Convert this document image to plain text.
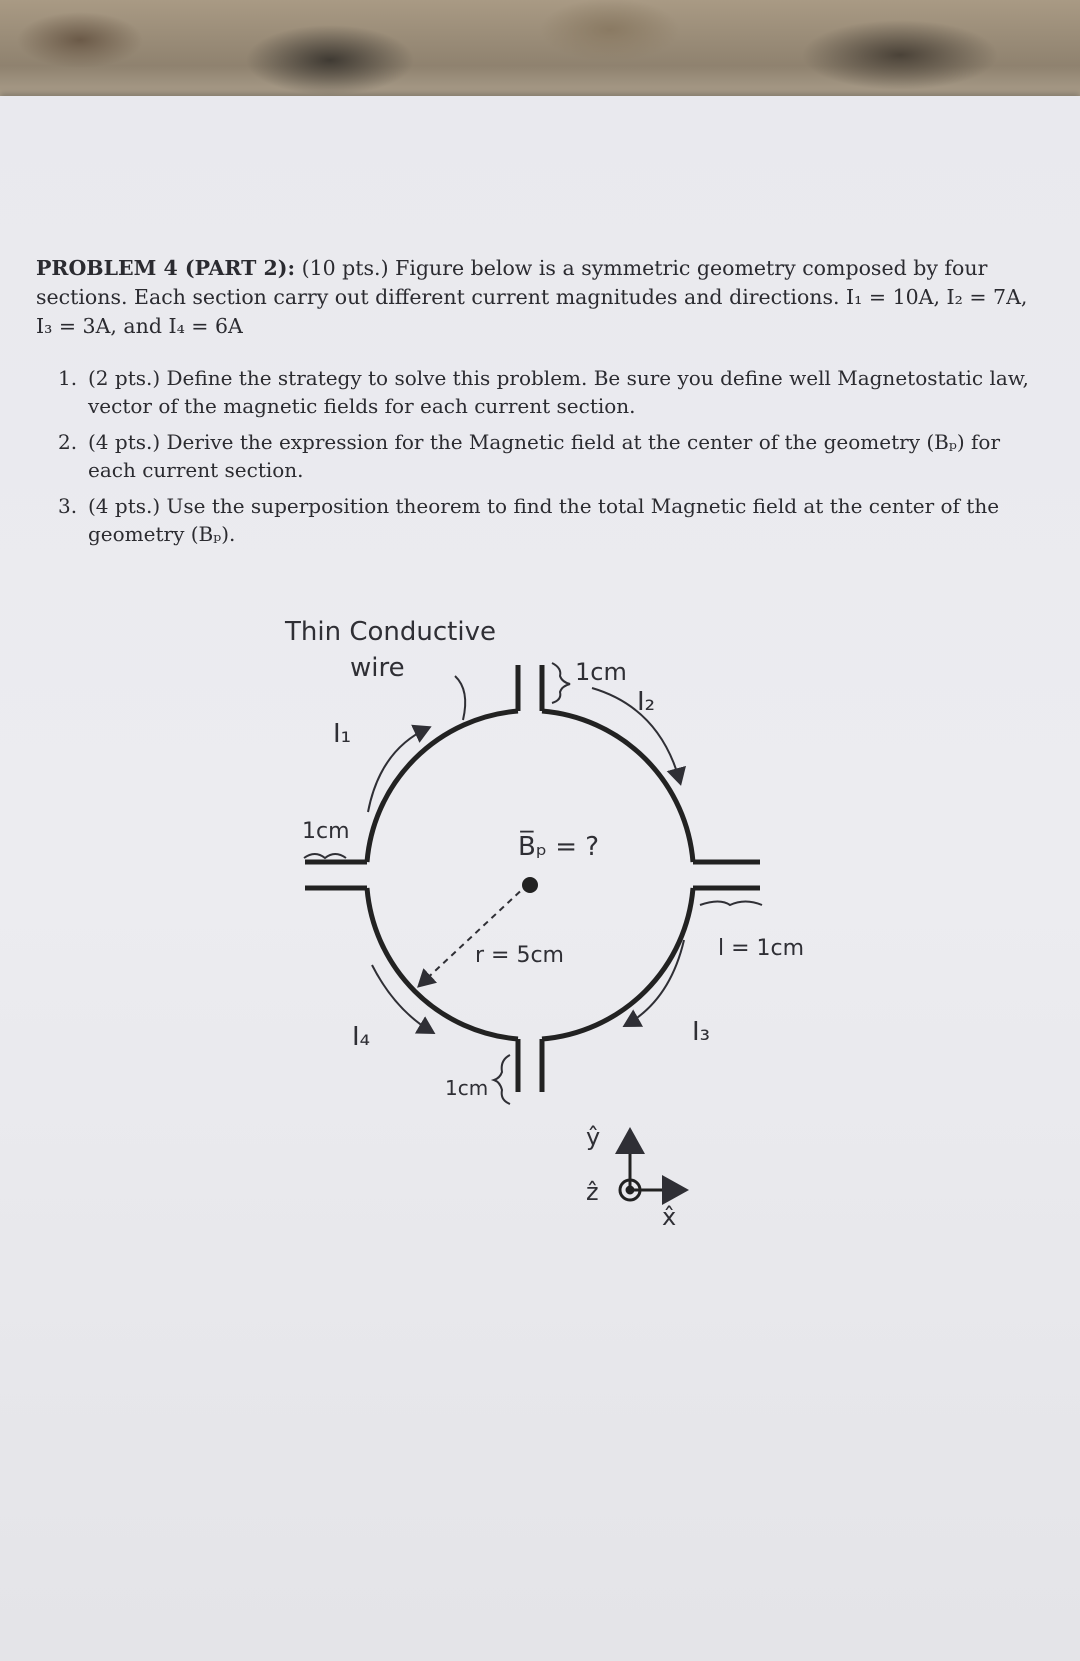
PROBLEM 4 (PART 2): (10 pts.) Figure below is a symmetric geometry composed by four sections. Each section carry out different current magnitudes and directions. I₁ = 10A, I₂ = 7A, I₃ = 3A, and I₄ = 6A
1. (2 pts.) Define the strategy to solve this problem. Be sure you define well Magnetostatic law, vector of the magnetic fields for each current section.
2. (4 pts.) Derive the expression for the Magnetic field at the center of the geometry (Bₚ) for each current section.
3. (4 pts.) Use the superposition theorem to find the total Magnetic field at the center of the geometry (Bₚ).
Thin Conductive
wire	1cm
1cm
1cm
l = 1cm
I₁
I₂
I₃
I₄
B̅ₚ = ?
r = 5cm
ŷ
ẑ
x̂
